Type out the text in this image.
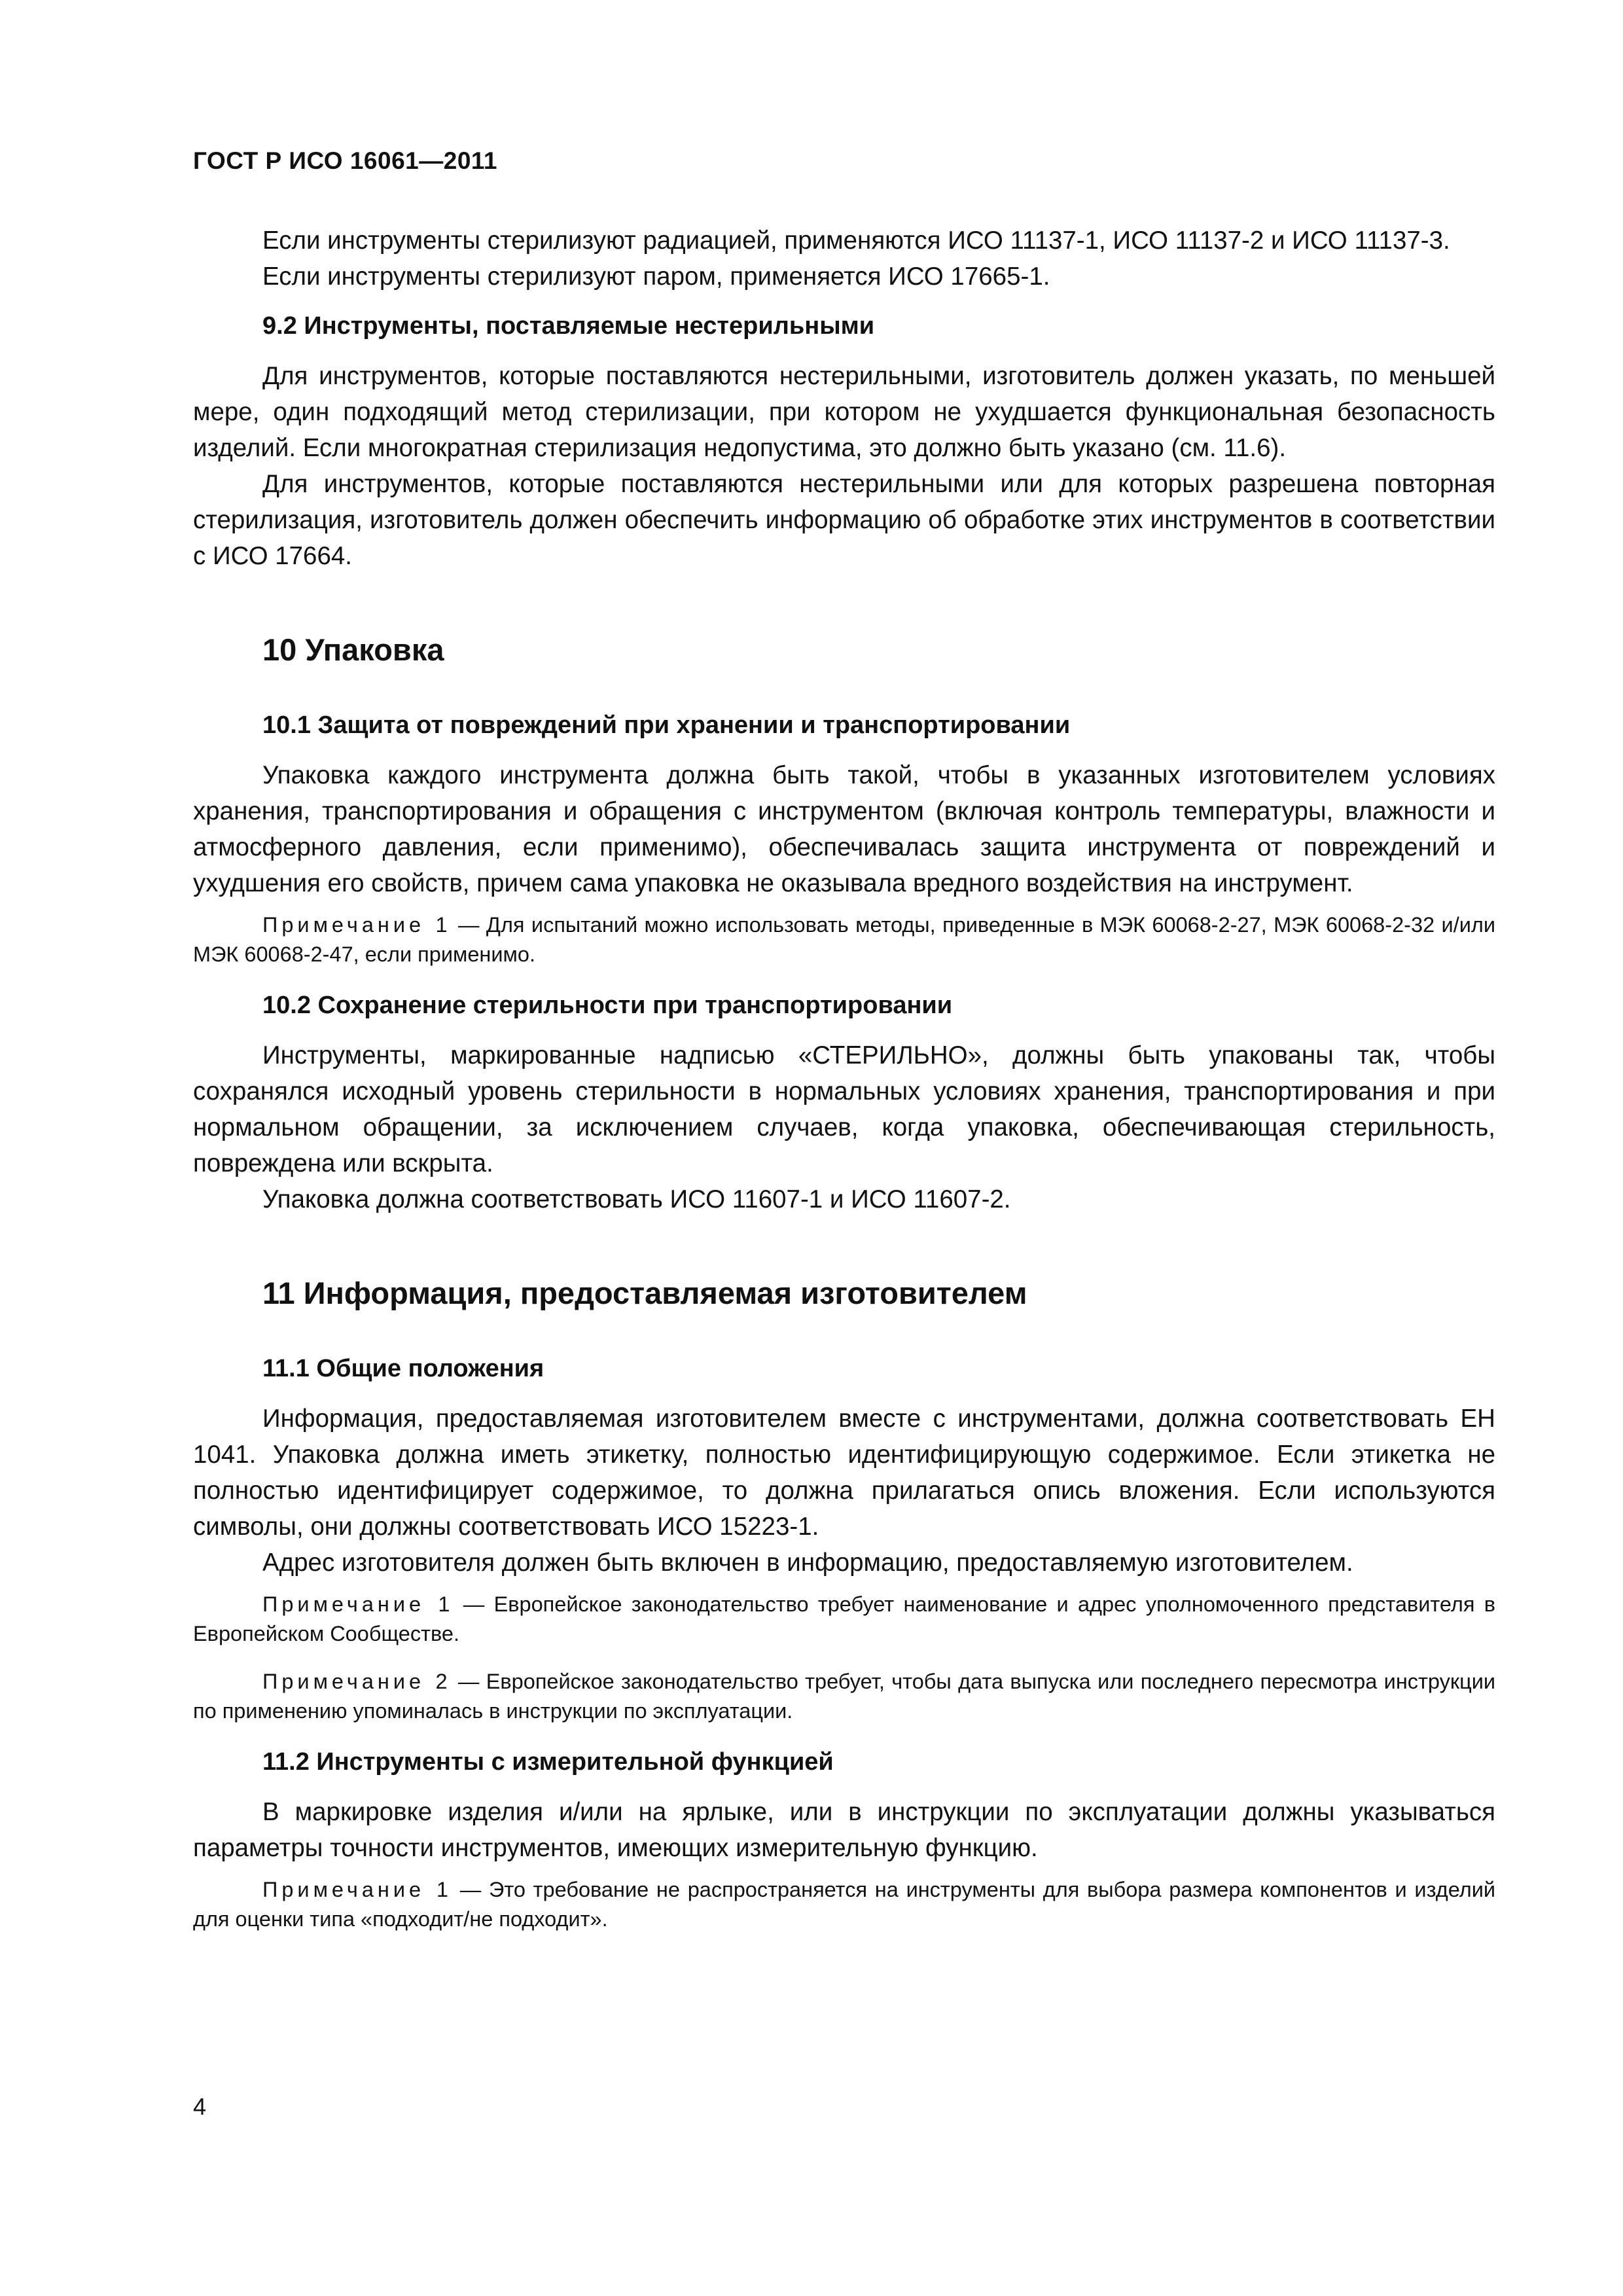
ГОСТ Р ИСО 16061—2011

Если инструменты стерилизуют радиацией, применяются ИСО 11137-1, ИСО 11137-2 и ИСО 11137-3.

Если инструменты стерилизуют паром, применяется ИСО 17665-1.

9.2 Инструменты, поставляемые нестерильными

Для инструментов, которые поставляются нестерильными, изготовитель должен указать, по меньшей мере, один подходящий метод стерилизации, при котором не ухудшается функциональная безопасность изделий. Если многократная стерилизация недопустима, это должно быть указано (см. 11.6).

Для инструментов, которые поставляются нестерильными или для которых разрешена повторная стерилизация, изготовитель должен обеспечить информацию об обработке этих инструментов в соответствии с ИСО 17664.

10 Упаковка
10.1 Защита от повреждений при хранении и транспортировании

Упаковка каждого инструмента должна быть такой, чтобы в указанных изготовителем условиях хранения, транспортирования и обращения с инструментом (включая контроль температуры, влажности и атмосферного давления, если применимо), обеспечивалась защита инструмента от повреждений и ухудшения его свойств, причем сама упаковка не оказывала вредного воздействия на инструмент.

Примечание 1 — Для испытаний можно использовать методы, приведенные в МЭК 60068-2-27, МЭК 60068-2-32 и/или МЭК 60068-2-47, если применимо.

10.2 Сохранение стерильности при транспортировании

Инструменты, маркированные надписью «СТЕРИЛЬНО», должны быть упакованы так, чтобы сохранялся исходный уровень стерильности в нормальных условиях хранения, транспортирования и при нормальном обращении, за исключением случаев, когда упаковка, обеспечивающая стерильность, повреждена или вскрыта.

Упаковка должна соответствовать ИСО 11607-1 и ИСО 11607-2.

11 Информация, предоставляемая изготовителем
11.1 Общие положения

Информация, предоставляемая изготовителем вместе с инструментами, должна соответствовать ЕН 1041. Упаковка должна иметь этикетку, полностью идентифицирующую содержимое. Если этикетка не полностью идентифицирует содержимое, то должна прилагаться опись вложения. Если используются символы, они должны соответствовать ИСО 15223-1.

Адрес изготовителя должен быть включен в информацию, предоставляемую изготовителем.

Примечание 1 — Европейское законодательство требует наименование и адрес уполномоченного представителя в Европейском Сообществе.

Примечание 2 — Европейское законодательство требует, чтобы дата выпуска или последнего пересмотра инструкции по применению упоминалась в инструкции по эксплуатации.

11.2 Инструменты с измерительной функцией

В маркировке изделия и/или на ярлыке, или в инструкции по эксплуатации должны указываться параметры точности инструментов, имеющих измерительную функцию.

Примечание 1 — Это требование не распространяется на инструменты для выбора размера компонентов и изделий для оценки типа «подходит/не подходит».

4
